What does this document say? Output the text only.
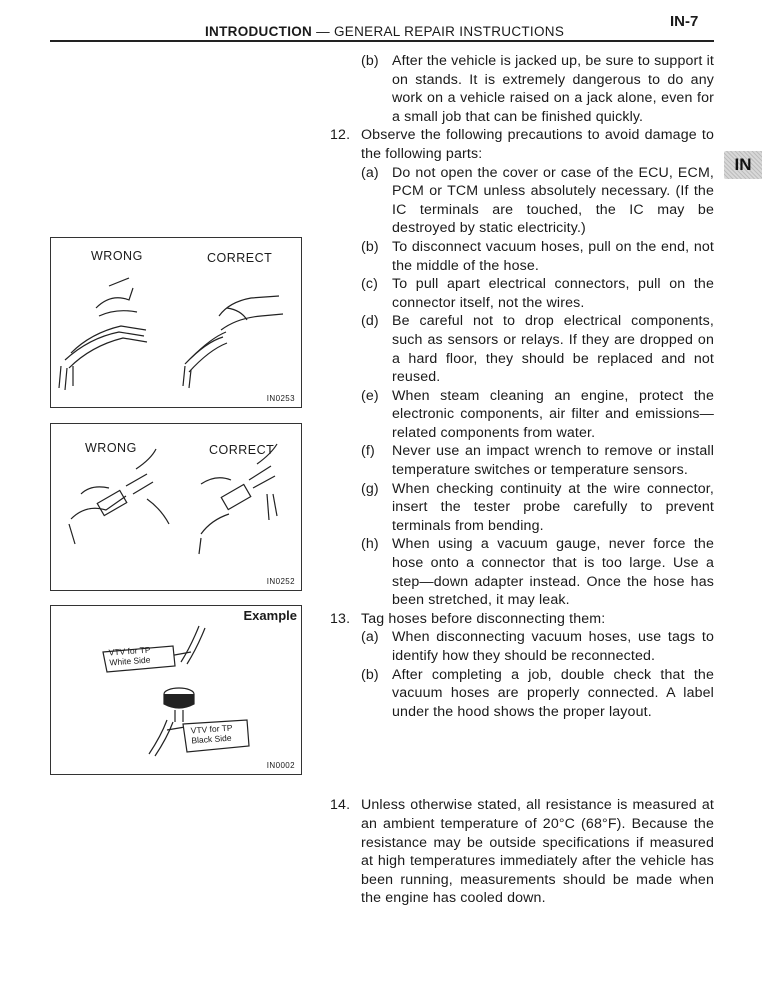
INTRODUCTION — GENERAL REPAIR INSTRUCTIONS
IN-7
IN
WRONG	CORRECT
IN0253
WRONG	CORRECT
IN0252
Example
VTV for TP
White Side
VTV for TP
Black Side
IN0002
(b) After the vehicle is jacked up, be sure to support it on stands. It is extremely dangerous to do any work on a vehicle raised on a jack alone, even for a small job that can be finished quickly.
12. Observe the following precautions to avoid damage to the following parts:
(a) Do not open the cover or case of the ECU, ECM, PCM or TCM unless absolutely necessary. (If the IC terminals are touched, the IC may be destroyed by static electricity.)
(b) To disconnect vacuum hoses, pull on the end, not the middle of the hose.
(c) To pull apart electrical connectors, pull on the connector itself, not the wires.
(d) Be careful not to drop electrical components, such as sensors or relays. If they are dropped on a hard floor, they should be replaced and not reused.
(e) When steam cleaning an engine, protect the electronic components, air filter and emissions—related components from water.
(f)	Never use an impact wrench to remove or install temperature switches or temperature sensors.
(g) When checking continuity at the wire connector, insert the tester probe carefully to prevent terminals from bending.
(h) When using a vacuum gauge, never force the hose onto a connector that is too large. Use a step—down adapter instead. Once the hose has been stretched, it may leak.
13. Tag hoses before disconnecting them:
(a) When disconnecting vacuum hoses, use tags to identify how they should be reconnected.
(b) After completing a job, double check that the vacuum hoses are properly connected. A label under the hood shows the proper layout.
14. Unless otherwise stated, all resistance is measured at an ambient temperature of 20°C (68°F). Because the resistance may be outside specifications if measured at high temperatures immediately after the vehicle has been running, measurements should be made when the engine has cooled down.
